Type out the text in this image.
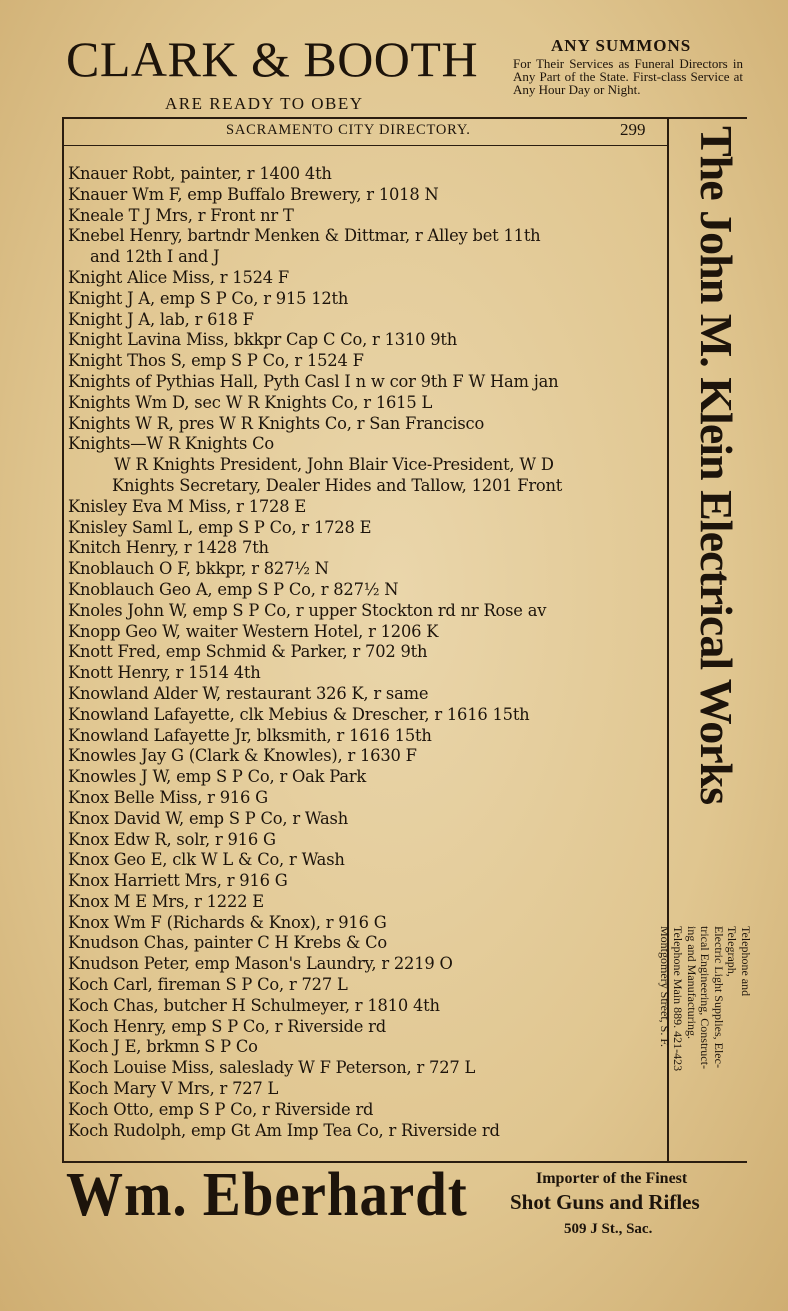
CLARK & BOOTH
ARE READY TO OBEY
ANY SUMMONS
For Their Services as Funeral Directors in Any Part of the State. First-class Service at Any Hour Day or Night.
SACRAMENTO CITY DIRECTORY.	299
Knauer Robt, painter, r 1400 4th
Knauer Wm F, emp Buffalo Brewery, r 1018 N
Kneale T J Mrs, r Front nr T
Knebel Henry, bartndr Menken & Dittmar, r Alley bet 11th
and 12th I and J
Knight Alice Miss, r 1524 F
Knight J A, emp S P Co, r 915 12th
Knight J A, lab, r 618 F
Knight Lavina Miss, bkkpr Cap C Co, r 1310 9th
Knight Thos S, emp S P Co, r 1524 F
Knights of Pythias Hall, Pyth Casl I n w cor 9th F W Ham jan
Knights Wm D, sec W R Knights Co, r 1615 L
Knights W R, pres W R Knights Co, r San Francisco
Knights—W R Knights Co
W R Knights President, John Blair Vice-President, W D
Knights Secretary, Dealer Hides and Tallow, 1201 Front
Knisley Eva M Miss, r 1728 E
Knisley Saml L, emp S P Co, r 1728 E
Knitch Henry, r 1428 7th
Knoblauch O F, bkkpr, r 827½ N
Knoblauch Geo A, emp S P Co, r 827½ N
Knoles John W, emp S P Co, r upper Stockton rd nr Rose av
Knopp Geo W, waiter Western Hotel, r 1206 K
Knott Fred, emp Schmid & Parker, r 702 9th
Knott Henry, r 1514 4th
Knowland Alder W, restaurant 326 K, r same
Knowland Lafayette, clk Mebius & Drescher, r 1616 15th
Knowland Lafayette Jr, blksmith, r 1616 15th
Knowles Jay G (Clark & Knowles), r 1630 F
Knowles J W, emp S P Co, r Oak Park
Knox Belle Miss, r 916 G
Knox David W, emp S P Co, r Wash
Knox Edw R, solr, r 916 G
Knox Geo E, clk W L & Co, r Wash
Knox Harriett Mrs, r 916 G
Knox M E Mrs, r 1222 E
Knox Wm F (Richards & Knox), r 916 G
Knudson Chas, painter C H Krebs & Co
Knudson Peter, emp Mason's Laundry, r 2219 O
Koch Carl, fireman S P Co, r 727 L
Koch Chas, butcher H Schulmeyer, r 1810 4th
Koch Henry, emp S P Co, r Riverside rd
Koch J E, brkmn S P Co
Koch Louise Miss, saleslady W F Peterson, r 727 L
Koch Mary V Mrs, r 727 L
Koch Otto, emp S P Co, r Riverside rd
Koch Rudolph, emp Gt Am Imp Tea Co, r Riverside rd
The John M. Klein Electrical Works
Telephone and
Telegraph,
Electric Light Supplies, Elec-
trical Engineering, Construct-
ing and Manufacturing.
Telephone Main 889. 421-423
Montgomery Street, S. F.
Wm. Eberhardt	Importer of the Finest
Shot Guns and Rifles
509 J St., Sac.
